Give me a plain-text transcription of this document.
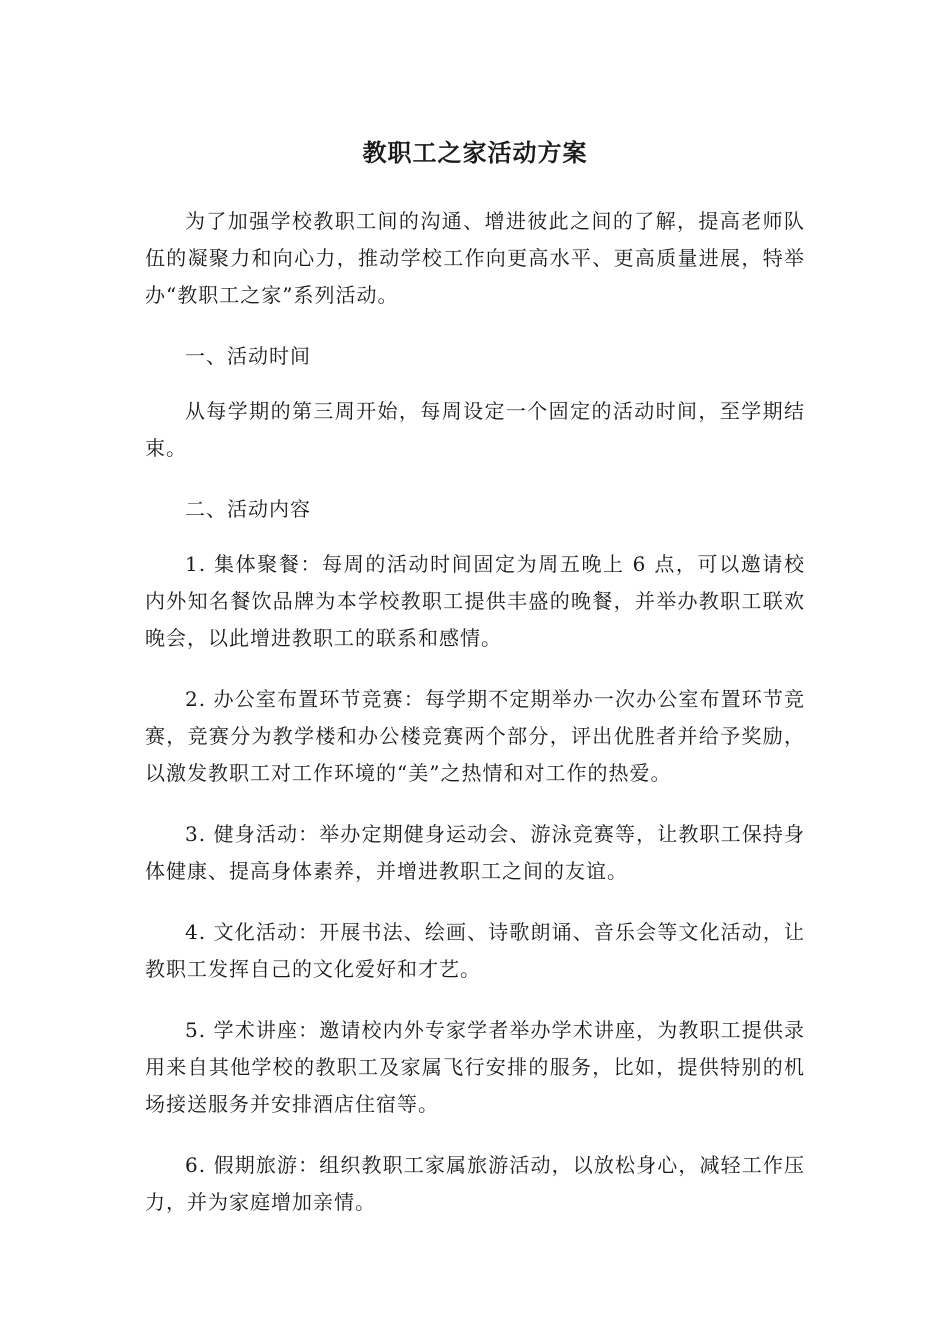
教职工之家活动方案

为了加强学校教职工间的沟通、增进彼此之间的了解，提高老师队伍的凝聚力和向心力，推动学校工作向更高水平、更高质量进展，特举办“教职工之家”系列活动。

一、活动时间

从每学期的第三周开始，每周设定一个固定的活动时间，至学期结束。

二、活动内容

1. 集体聚餐：每周的活动时间固定为周五晚上 6 点，可以邀请校内外知名餐饮品牌为本学校教职工提供丰盛的晚餐，并举办教职工联欢晚会，以此增进教职工的联系和感情。

2. 办公室布置环节竞赛：每学期不定期举办一次办公室布置环节竞赛，竞赛分为教学楼和办公楼竞赛两个部分，评出优胜者并给予奖励，以激发教职工对工作环境的“美”之热情和对工作的热爱。

3. 健身活动：举办定期健身运动会、游泳竞赛等，让教职工保持身体健康、提高身体素养，并增进教职工之间的友谊。

4. 文化活动：开展书法、绘画、诗歌朗诵、音乐会等文化活动，让教职工发挥自己的文化爱好和才艺。

5. 学术讲座：邀请校内外专家学者举办学术讲座，为教职工提供录用来自其他学校的教职工及家属飞行安排的服务，比如，提供特别的机场接送服务并安排酒店住宿等。

6. 假期旅游：组织教职工家属旅游活动，以放松身心，减轻工作压力，并为家庭增加亲情。
